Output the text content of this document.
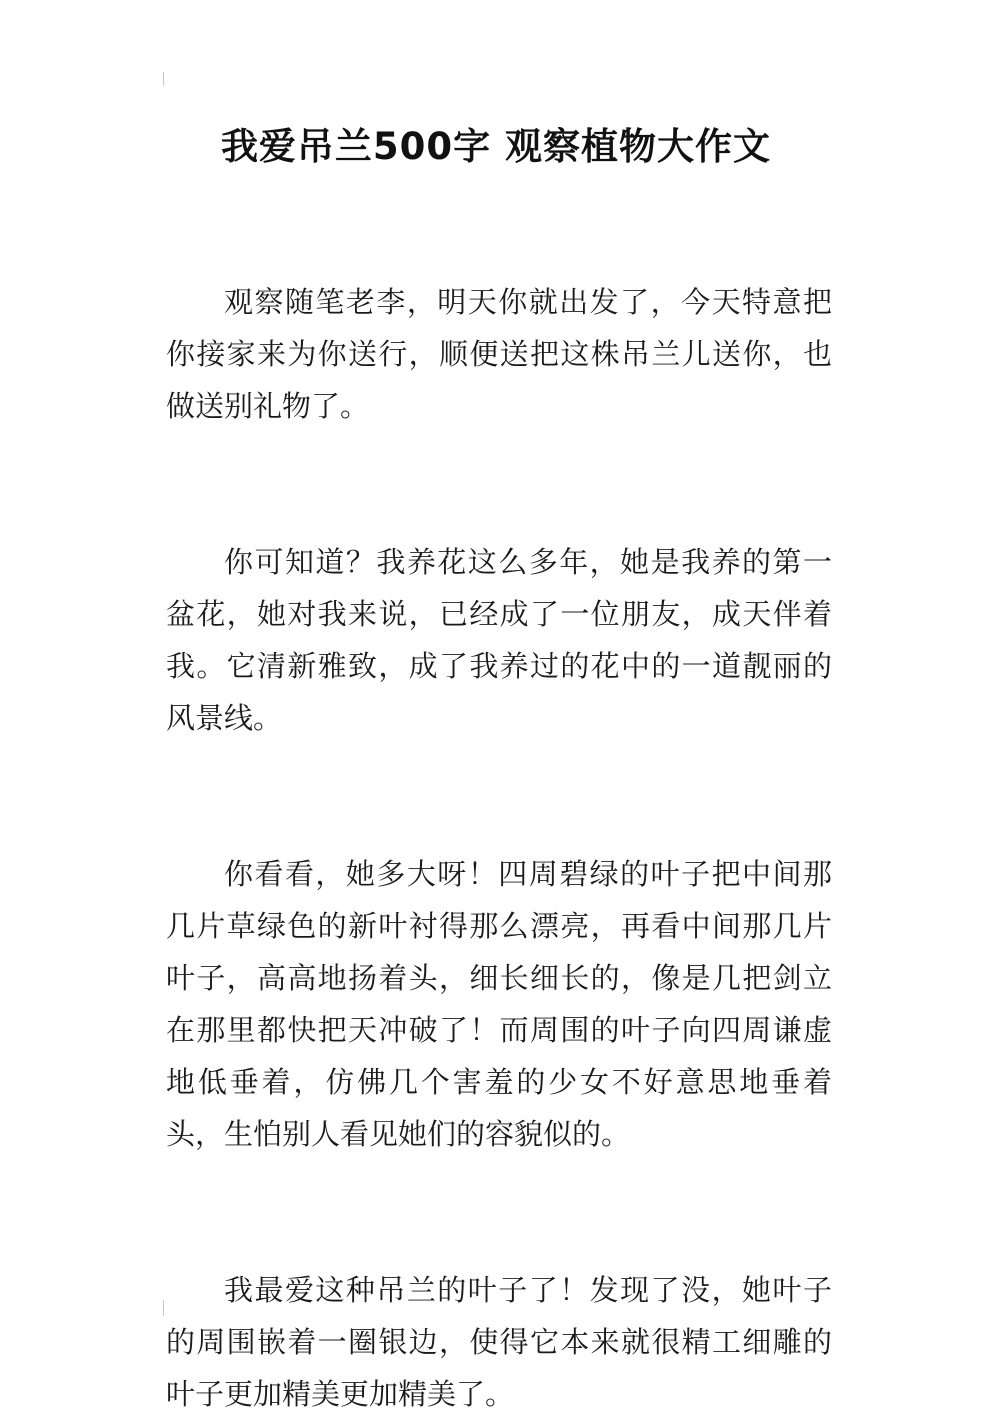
我爱吊兰500字 观察植物大作文

观察随笔老李，明天你就出发了，今天特意把你接家来为你送行，顺便送把这株吊兰儿送你，也做送别礼物了。

你可知道？我养花这么多年，她是我养的第一盆花，她对我来说，已经成了一位朋友，成天伴着我。它清新雅致，成了我养过的花中的一道靓丽的风景线。

你看看，她多大呀！四周碧绿的叶子把中间那几片草绿色的新叶衬得那么漂亮，再看中间那几片叶子，高高地扬着头，细长细长的，像是几把剑立在那里都快把天冲破了！而周围的叶子向四周谦虚地低垂着，仿佛几个害羞的少女不好意思地垂着头，生怕别人看见她们的容貌似的。

我最爱这种吊兰的叶子了！发现了没，她叶子的周围嵌着一圈银边，使得它本来就很精工细雕的叶子更加精美更加精美了。
